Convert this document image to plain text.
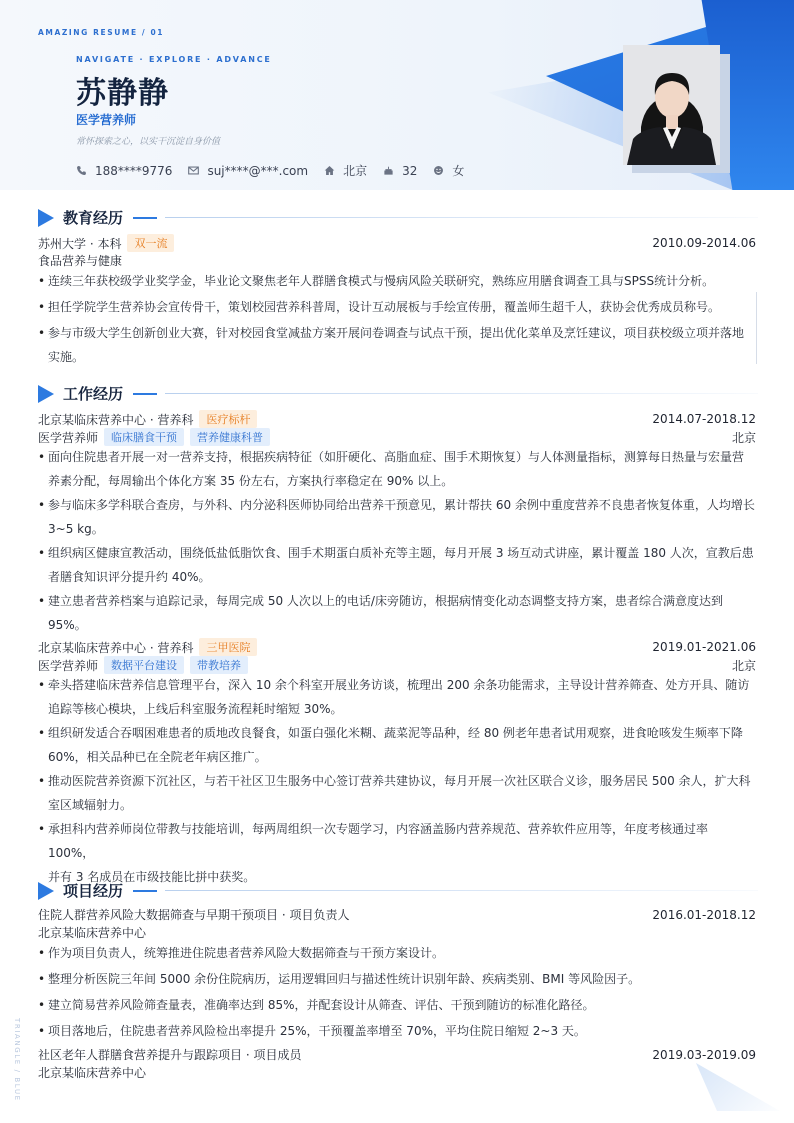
AMAZING RESUME / 01
NAVIGATE · EXPLORE · ADVANCE
苏静静
医学营养师
常怀探索之心，以实干沉淀自身价值
188****9776	suj****@***.com	北京	32	女
教育经历
苏州大学 · 本科	双一流	2010.09-2014.06
食品营养与健康
• 连续三年获校级学业奖学金，毕业论文聚焦老年人群膳食模式与慢病风险关联研究，熟练应用膳食调查工具与SPSS统计分析。
• 担任学院学生营养协会宣传骨干，策划校园营养科普周，设计互动展板与手绘宣传册，覆盖师生超千人，获协会优秀成员称号。
• 参与市级大学生创新创业大赛，针对校园食堂减盐方案开展问卷调查与试点干预，提出优化菜单及烹饪建议，项目获校级立项并落地
实施。
工作经历
北京某临床营养中心 · 营养科	医疗标杆	2014.07-2018.12
医学营养师	临床膳食干预	营养健康科普	北京
• 面向住院患者开展一对一营养支持，根据疾病特征（如肝硬化、高脂血症、围手术期恢复）与人体测量指标，测算每日热量与宏量营
养素分配，每周输出个体化方案 35 份左右，方案执行率稳定在 90% 以上。
• 参与临床多学科联合查房，与外科、内分泌科医师协同给出营养干预意见，累计帮扶 60 余例中重度营养不良患者恢复体重，人均增长
3~5 kg。
• 组织病区健康宣教活动，围绕低盐低脂饮食、围手术期蛋白质补充等主题，每月开展 3 场互动式讲座，累计覆盖 180 人次，宣教后患
者膳食知识评分提升约 40%。
• 建立患者营养档案与追踪记录，每周完成 50 人次以上的电话/床旁随访，根据病情变化动态调整支持方案，患者综合满意度达到
95%。
北京某临床营养中心 · 营养科	三甲医院	2019.01-2021.06
医学营养师	数据平台建设	带教培养	北京
• 牵头搭建临床营养信息管理平台，深入 10 余个科室开展业务访谈，梳理出 200 余条功能需求，主导设计营养筛查、处方开具、随访
追踪等核心模块，上线后科室服务流程耗时缩短 30%。
• 组织研发适合吞咽困难患者的质地改良餐食，如蛋白强化米糊、蔬菜泥等品种，经 80 例老年患者试用观察，进食呛咳发生频率下降
60%，相关品种已在全院老年病区推广。
• 推动医院营养资源下沉社区，与若干社区卫生服务中心签订营养共建协议，每月开展一次社区联合义诊，服务居民 500 余人，扩大科
室区域辐射力。
• 承担科内营养师岗位带教与技能培训，每两周组织一次专题学习，内容涵盖肠内营养规范、营养软件应用等，年度考核通过率 100%，
并有 3 名成员在市级技能比拼中获奖。
项目经历
住院人群营养风险大数据筛查与早期干预项目 · 项目负责人	2016.01-2018.12
北京某临床营养中心
• 作为项目负责人，统筹推进住院患者营养风险大数据筛查与干预方案设计。
• 整理分析医院三年间 5000 余份住院病历，运用逻辑回归与描述性统计识别年龄、疾病类别、BMI 等风险因子。
• 建立简易营养风险筛查量表，准确率达到 85%，并配套设计从筛查、评估、干预到随访的标准化路径。
• 项目落地后，住院患者营养风险检出率提升 25%，干预覆盖率增至 70%，平均住院日缩短 2~3 天。
社区老年人群膳食营养提升与跟踪项目 · 项目成员	2019.03-2019.09
北京某临床营养中心
TRIANGLE / BLUE
